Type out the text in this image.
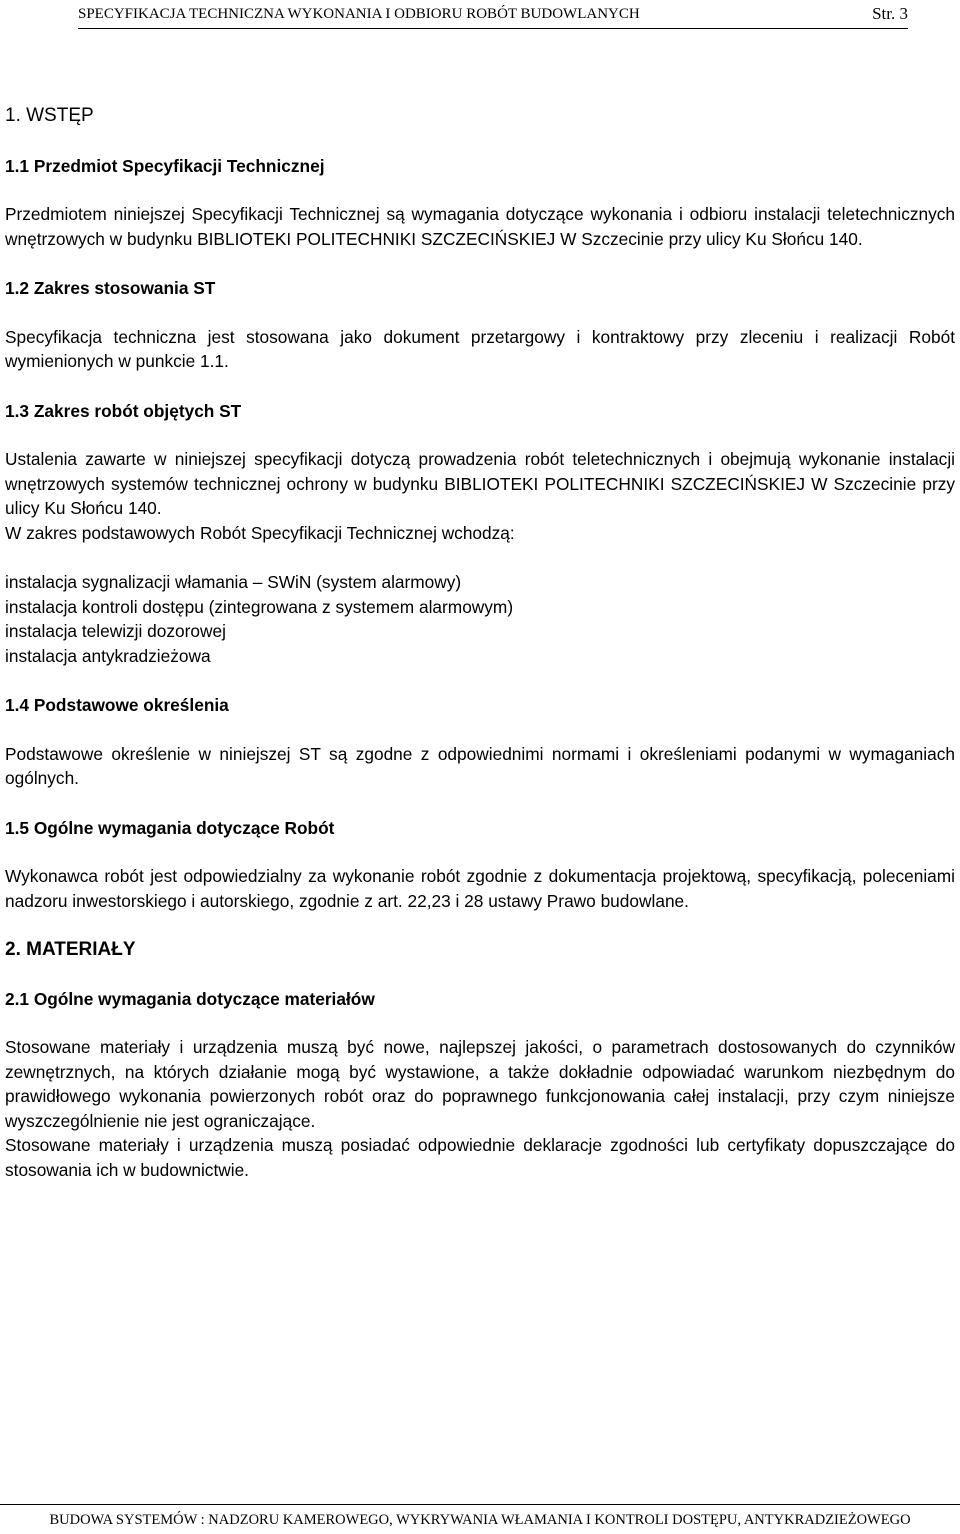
SPECYFIKACJA TECHNICZNA WYKONANIA I ODBIORU ROBÓT BUDOWLANYCH	Str. 3
1. WSTĘP
1.1 Przedmiot Specyfikacji Technicznej
Przedmiotem niniejszej Specyfikacji Technicznej są wymagania dotyczące wykonania i odbioru instalacji teletechnicznych wnętrzowych w budynku BIBLIOTEKI POLITECHNIKI SZCZECIŃSKIEJ W Szczecinie przy ulicy Ku Słońcu 140.
1.2 Zakres stosowania ST
Specyfikacja techniczna jest stosowana jako dokument przetargowy i kontraktowy przy zleceniu i realizacji Robót wymienionych w punkcie 1.1.
1.3 Zakres robót objętych ST
Ustalenia zawarte w niniejszej specyfikacji dotyczą prowadzenia robót teletechnicznych i obejmują wykonanie instalacji wnętrzowych systemów technicznej ochrony w budynku BIBLIOTEKI POLITECHNIKI SZCZECIŃSKIEJ W Szczecinie przy ulicy Ku Słońcu 140.
W zakres podstawowych Robót Specyfikacji Technicznej wchodzą:
instalacja sygnalizacji włamania – SWiN (system alarmowy)
instalacja kontroli dostępu (zintegrowana z systemem alarmowym)
instalacja telewizji dozorowej
instalacja antykradzieżowa
1.4 Podstawowe określenia
Podstawowe określenie w niniejszej ST są zgodne z odpowiednimi normami i określeniami podanymi w wymaganiach ogólnych.
1.5 Ogólne wymagania dotyczące Robót
Wykonawca robót jest odpowiedzialny za wykonanie robót zgodnie z dokumentacja projektową, specyfikacją, poleceniami nadzoru inwestorskiego i autorskiego, zgodnie z art. 22,23 i 28 ustawy Prawo budowlane.
2. MATERIAŁY
2.1 Ogólne wymagania dotyczące materiałów
Stosowane materiały i urządzenia muszą być nowe, najlepszej jakości, o parametrach dostosowanych do czynników zewnętrznych, na których działanie mogą być wystawione, a także dokładnie odpowiadać warunkom niezbędnym do prawidłowego wykonania powierzonych robót oraz do poprawnego funkcjonowania całej instalacji, przy czym niniejsze wyszczególnienie nie jest ograniczające.
Stosowane materiały i urządzenia muszą posiadać odpowiednie deklaracje zgodności lub certyfikaty dopuszczające do stosowania ich w budownictwie.
BUDOWA SYSTEMÓW : NADZORU KAMEROWEGO, WYKRYWANIA WŁAMANIA I KONTROLI DOSTĘPU, ANTYKRADZIEŻOWEGO
